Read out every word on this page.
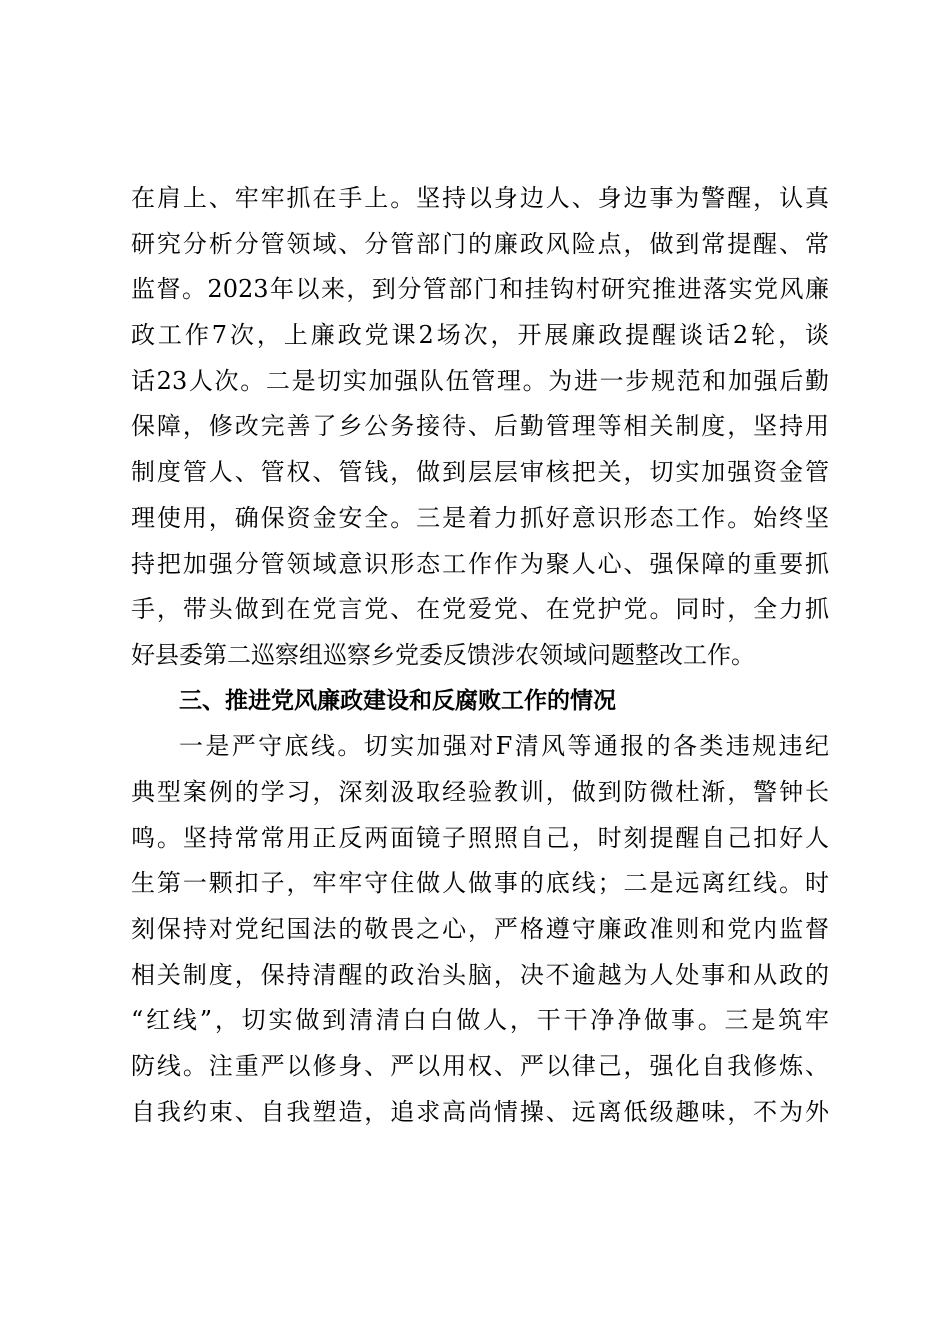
在肩上、牢牢抓在手上。坚持以身边人、身边事为警醒，认真
研究分析分管领域、分管部门的廉政风险点，做到常提醒、常
监督。2023年以来，到分管部门和挂钩村研究推进落实党风廉
政工作7次，上廉政党课2场次，开展廉政提醒谈话2轮，谈
话23人次。二是切实加强队伍管理。为进一步规范和加强后勤
保障，修改完善了乡公务接待、后勤管理等相关制度，坚持用
制度管人、管权、管钱，做到层层审核把关，切实加强资金管
理使用，确保资金安全。三是着力抓好意识形态工作。始终坚
持把加强分管领域意识形态工作作为聚人心、强保障的重要抓
手，带头做到在党言党、在党爱党、在党护党。同时，全力抓
好县委第二巡察组巡察乡党委反馈涉农领域问题整改工作。
三、推进党风廉政建设和反腐败工作的情况
一是严守底线。切实加强对F清风等通报的各类违规违纪
典型案例的学习，深刻汲取经验教训，做到防微杜渐，警钟长
鸣。坚持常常用正反两面镜子照照自己，时刻提醒自己扣好人
生第一颗扣子，牢牢守住做人做事的底线；二是远离红线。时
刻保持对党纪国法的敬畏之心，严格遵守廉政准则和党内监督
相关制度，保持清醒的政治头脑，决不逾越为人处事和从政的
“红线”，切实做到清清白白做人，干干净净做事。三是筑牢
防线。注重严以修身、严以用权、严以律己，强化自我修炼、
自我约束、自我塑造，追求高尚情操、远离低级趣味，不为外
